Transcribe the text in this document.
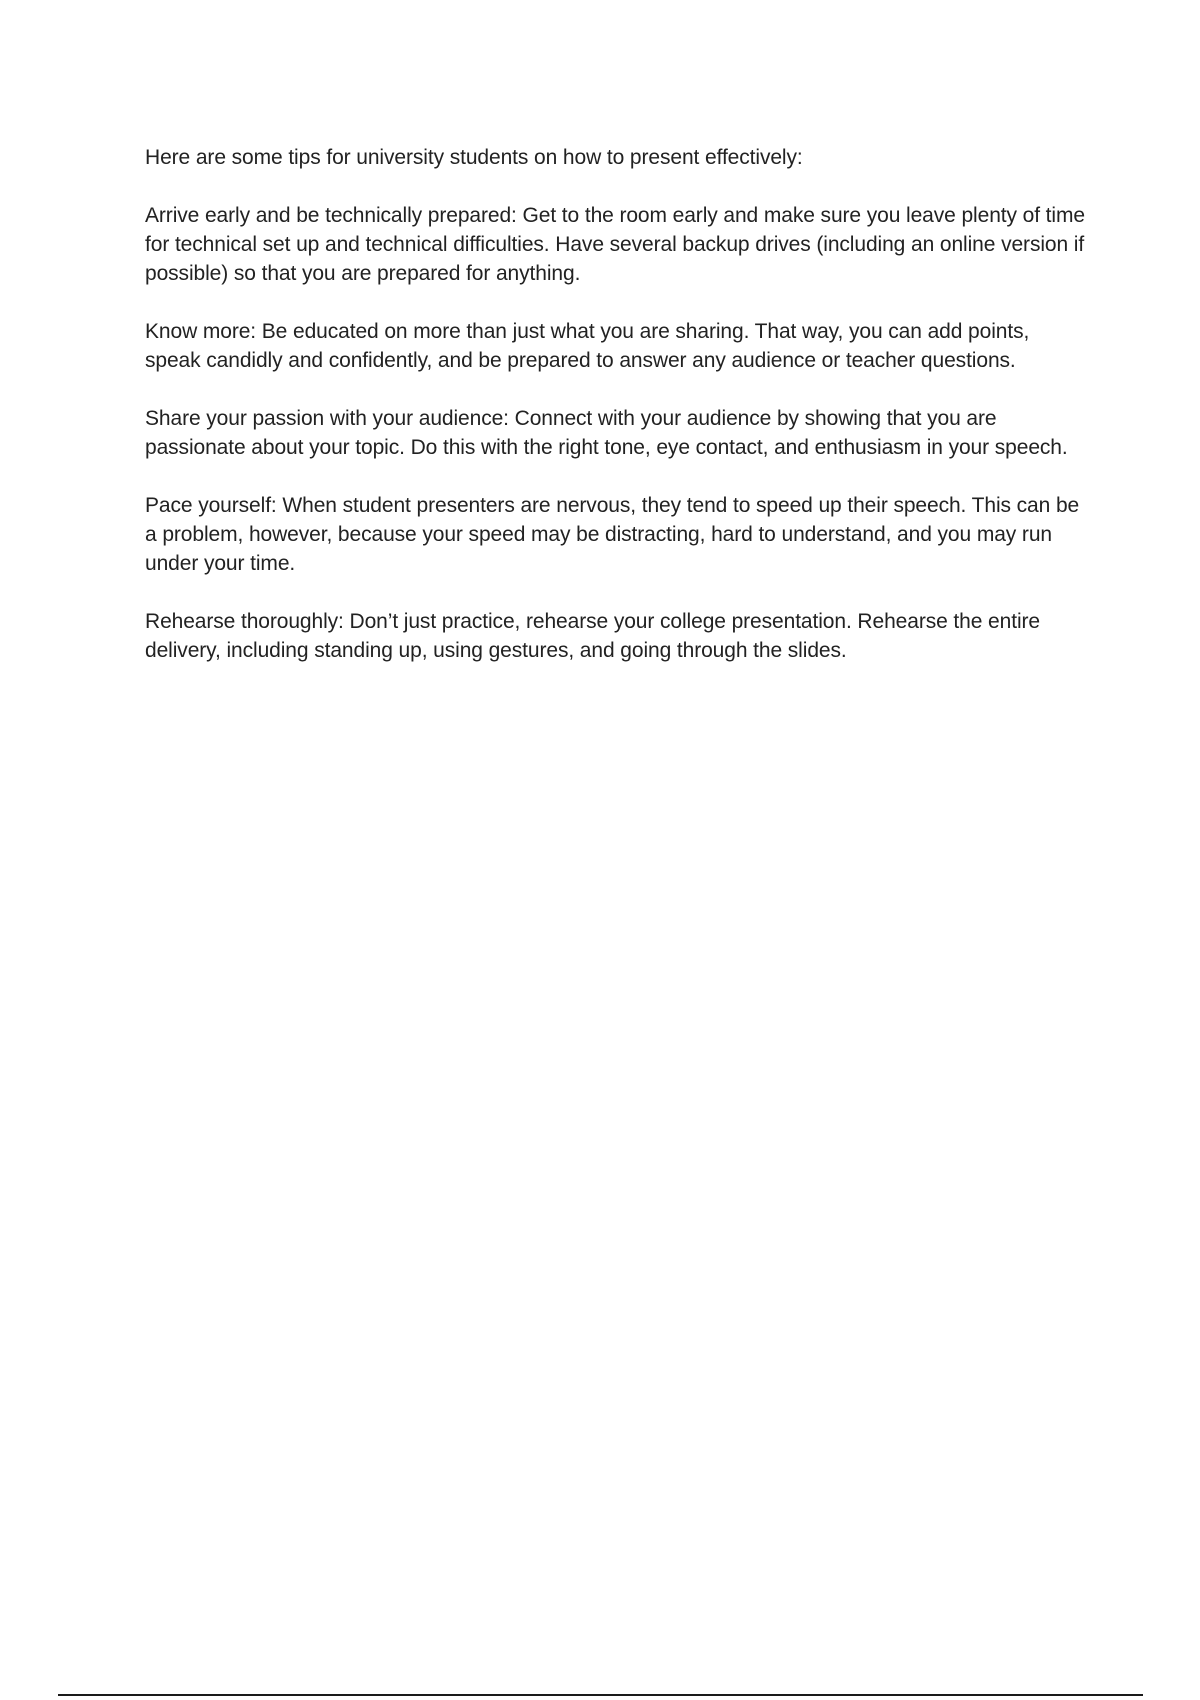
Here are some tips for university students on how to present effectively:

Arrive early and be technically prepared: Get to the room early and make sure you leave plenty of time for technical set up and technical difficulties. Have several backup drives (including an online version if possible) so that you are prepared for anything.

Know more: Be educated on more than just what you are sharing. That way, you can add points, speak candidly and confidently, and be prepared to answer any audience or teacher questions.

Share your passion with your audience: Connect with your audience by showing that you are passionate about your topic. Do this with the right tone, eye contact, and enthusiasm in your speech.

Pace yourself: When student presenters are nervous, they tend to speed up their speech. This can be a problem, however, because your speed may be distracting, hard to understand, and you may run under your time.

Rehearse thoroughly: Don’t just practice, rehearse your college presentation. Rehearse the entire delivery, including standing up, using gestures, and going through the slides.
